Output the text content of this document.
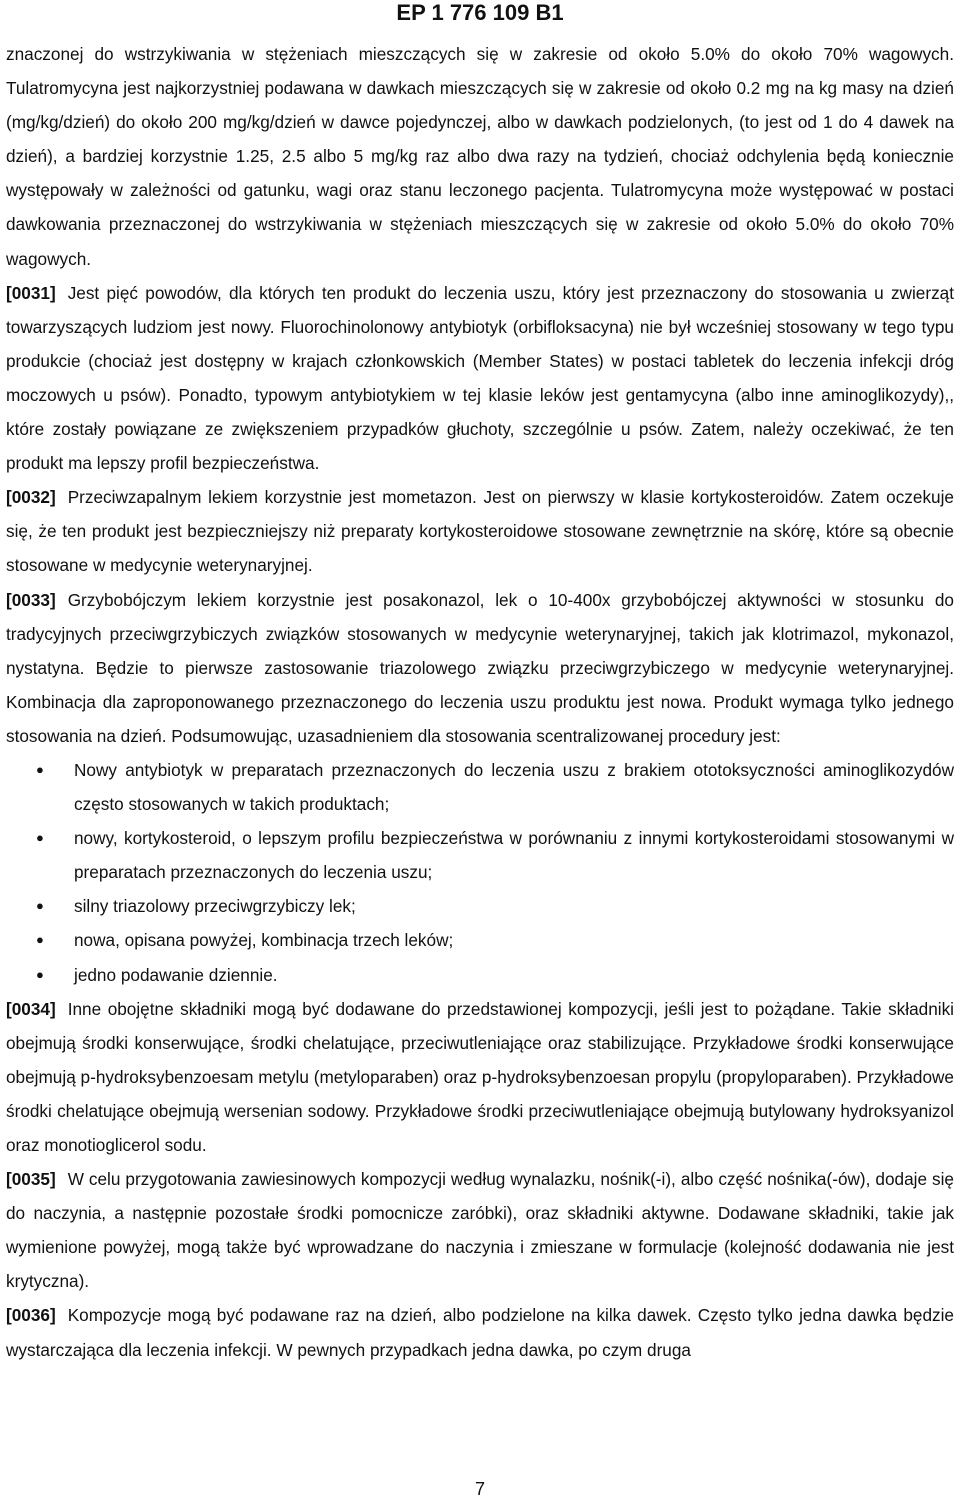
EP 1 776 109 B1

znaczonej do wstrzykiwania w stężeniach mieszczących się w zakresie od około 5.0% do około 70% wagowych. Tulatromycyna jest najkorzystniej podawana w dawkach mieszczących się w zakresie od około 0.2 mg na kg masy na dzień (mg/kg/dzień) do około 200 mg/kg/dzień w dawce pojedynczej, albo w dawkach podzielonych, (to jest od 1 do 4 dawek na dzień), a bardziej korzystnie 1.25, 2.5 albo 5 mg/kg raz albo dwa razy na tydzień, chociaż odchylenia będą koniecznie występowały w zależności od gatunku, wagi oraz stanu leczonego pacjenta. Tulatromycyna może występować w postaci dawkowania przeznaczonej do wstrzykiwania w stężeniach mieszczących się w zakresie od około 5.0% do około 70% wagowych.

[0031] Jest pięć powodów, dla których ten produkt do leczenia uszu, który jest przeznaczony do stosowania u zwierząt towarzyszących ludziom jest nowy. Fluorochinolonowy antybiotyk (orbifloksacyna) nie był wcześniej stosowany w tego typu produkcie (chociaż jest dostępny w krajach członkowskich (Member States) w postaci tabletek do leczenia infekcji dróg moczowych u psów). Ponadto, typowym antybiotykiem w tej klasie leków jest gentamycyna (albo inne aminoglikozydy),, które zostały powiązane ze zwiększeniem przypadków głuchoty, szczególnie u psów. Zatem, należy oczekiwać, że ten produkt ma lepszy profil bezpieczeństwa.

[0032] Przeciwzapalnym lekiem korzystnie jest mometazon. Jest on pierwszy w klasie kortykosteroidów. Zatem oczekuje się, że ten produkt jest bezpieczniejszy niż preparaty kortykosteroidowe stosowane zewnętrznie na skórę, które są obecnie stosowane w medycynie weterynaryjnej.

[0033] Grzybobójczym lekiem korzystnie jest posakonazol, lek o 10-400x grzybobójczej aktywności w stosunku do tradycyjnych przeciwgrzybiczych związków stosowanych w medycynie weterynaryjnej, takich jak klotrimazol, mykonazol, nystatyna. Będzie to pierwsze zastosowanie triazolowego związku przeciwgrzybiczego w medycynie weterynaryjnej. Kombinacja dla zaproponowanego przeznaczonego do leczenia uszu produktu jest nowa. Produkt wymaga tylko jednego stosowania na dzień. Podsumowując, uzasadnieniem dla stosowania scentralizowanej procedury jest:

● Nowy antybiotyk w preparatach przeznaczonych do leczenia uszu z brakiem ototoksyczności aminoglikozydów często stosowanych w takich produktach;
● nowy, kortykosteroid, o lepszym profilu bezpieczeństwa w porównaniu z innymi kortykosteroidami stosowanymi w preparatach przeznaczonych do leczenia uszu;
● silny triazolowy przeciwgrzybiczy lek;
● nowa, opisana powyżej, kombinacja trzech leków;
● jedno podawanie dziennie.

[0034] Inne obojętne składniki mogą być dodawane do przedstawionej kompozycji, jeśli jest to pożądane. Takie składniki obejmują środki konserwujące, środki chelatujące, przeciwutleniające oraz stabilizujące. Przykładowe środki konserwujące obejmują p-hydroksybenzoesam metylu (metyloparaben) oraz p-hydroksybenzoesan propylu (propyloparaben). Przykładowe środki chelatujące obejmują wersenian sodowy. Przykładowe środki przeciwutleniające obejmują butylowany hydroksyanizol oraz monotioglicerol sodu.

[0035] W celu przygotowania zawiesinowych kompozycji według wynalazku, nośnik(-i), albo część nośnika(-ów), dodaje się do naczynia, a następnie pozostałe środki pomocnicze zaróbki), oraz składniki aktywne. Dodawane składniki, takie jak wymienione powyżej, mogą także być wprowadzane do naczynia i zmieszane w formulacje (kolejność dodawania nie jest krytyczna).

[0036] Kompozycje mogą być podawane raz na dzień, albo podzielone na kilka dawek. Często tylko jedna dawka będzie wystarczająca dla leczenia infekcji. W pewnych przypadkach jedna dawka, po czym druga

7
